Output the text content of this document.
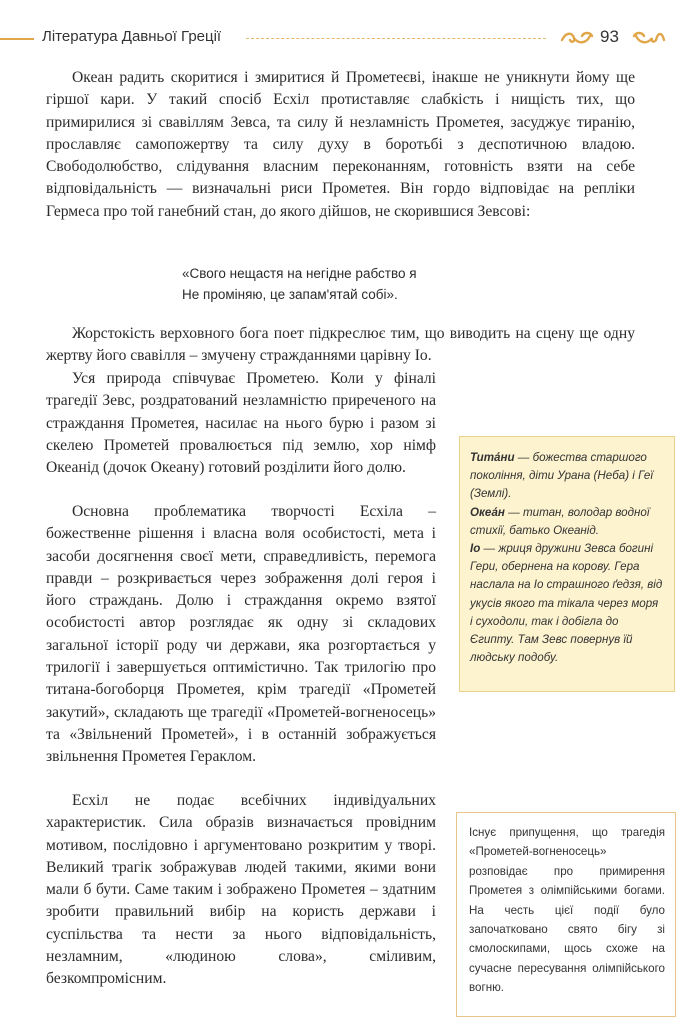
Література Давньої Греції	93

Океан радить скоритися і змиритися й Прометеєві, інакше не уникнути йому ще гіршої кари. У такий спосіб Есхіл протиставляє слабкість і нищість тих, що примирилися зі свавіллям Зевса, та силу й незламність Прометея, засуджує тиранію, прославляє самопожертву та силу духу в боротьбі з деспотичною владою. Свободолюбство, слідування власним переконанням, готовність взяти на себе відповідальність — визначальні риси Прометея. Він гордо відповідає на репліки Гермеса про той ганебний стан, до якого дійшов, не скорившися Зевсові:

«Свого нещастя на негідне рабство я
Не проміняю, це запам'ятай собі».

Жорстокість верховного бога поет підкреслює тим, що виводить на сцену ще одну жертву його свавілля – змучену стражданнями царівну Іо.

Уся природа співчуває Прометею. Коли у фіналі трагедії Зевс, роздратований незламністю приреченого на страждання Прометея, насилає на нього бурю і разом зі скелею Прометей провалюється під землю, хор німф Океанід (дочок Океану) готовий розділити його долю.

Основна проблематика творчості Есхіла – божественне рішення і власна воля особистості, мета і засоби досягнення своєї мети, справедливість, перемога правди – розкривається через зображення долі героя і його страждань. Долю і страждання окремо взятої особистості автор розглядає як одну зі складових загальної історії роду чи держави, яка розгортається у трилогії і завершується оптимістично. Так трилогію про титана-богоборця Прометея, крім трагедії «Прометей закутий», складають ще трагедії «Прометей-вогненосець» та «Звільнений Прометей», і в останній зображується звільнення Прометея Гераклом.

Есхіл не подає всебічних індивідуальних характеристик. Сила образів визначається провідним мотивом, послідовно і аргументовано розкритим у творі. Великий трагік зображував людей такими, якими вони мали б бути. Саме таким і зображено Прометея – здатним зробити правильний вибір на користь держави і суспільства та нести за нього відповідальність, незламним, «людиною слова», сміливим, безкомпромісним.

Тита́ни — божества старшого покоління, діти Урана (Неба) і Геї (Землі).

Океа́н — титан, володар водної стихії, батько Океанід.

Іо — жриця дружини Зевса богині Гери, обернена на корову. Гера наслала на Іо страшного ґедзя, від укусів якого та тікала через моря і суходоли, так і добігла до Єгипту. Там Зевс повернув їй людську подобу.

Існує припущення, що трагедія «Прометей-вогненосець» розповідає про примирення Прометея з олімпійськими богами. На честь цієї події було започатковано свято бігу зі смолоскипами, щось схоже на сучасне пересування олімпійського вогню.
